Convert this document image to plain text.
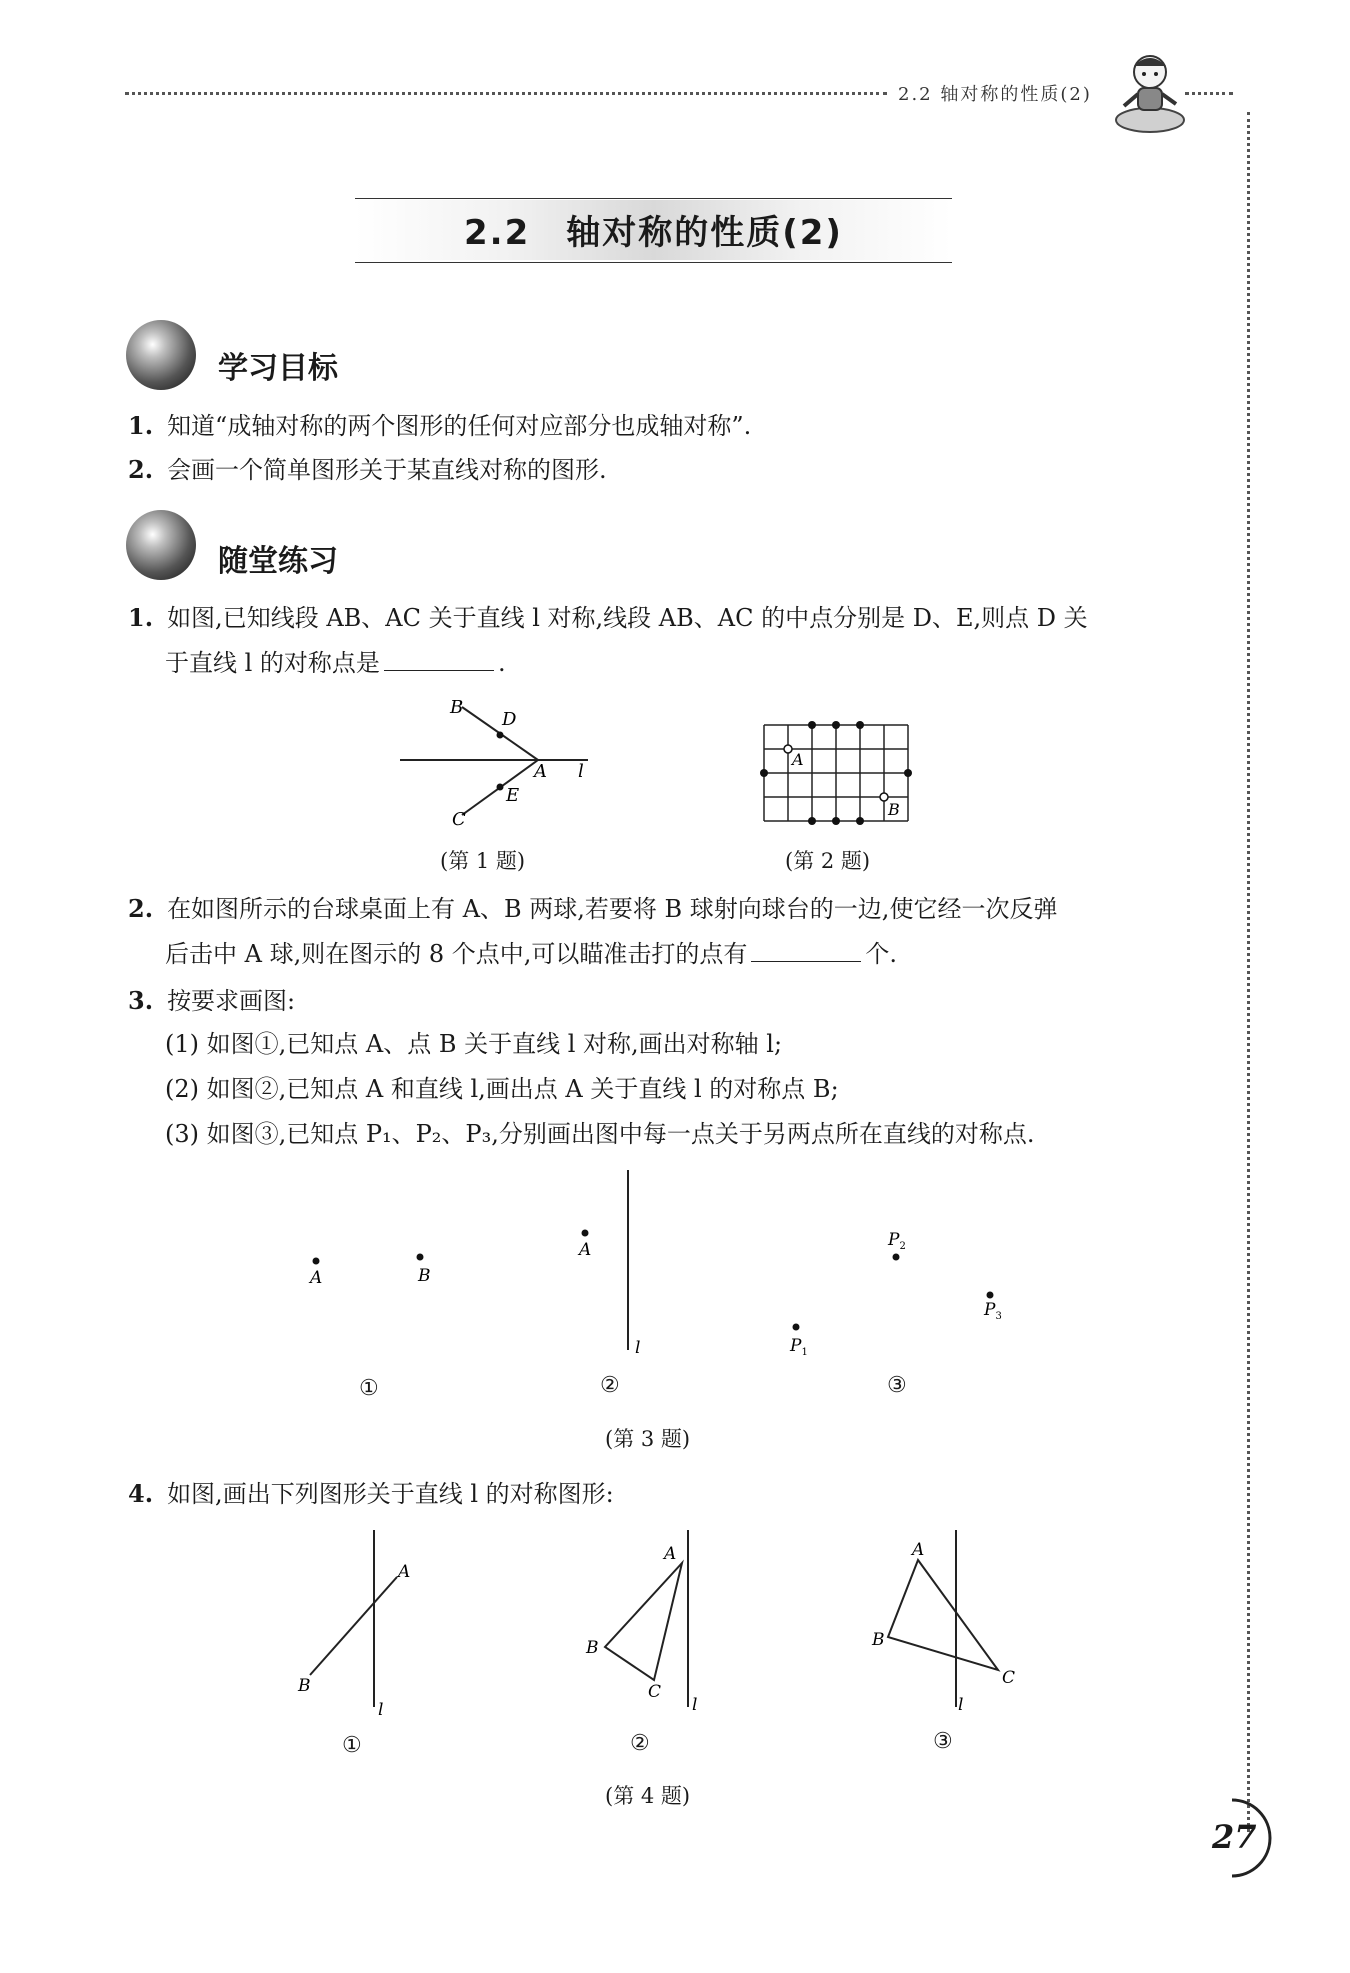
2.2 轴对称的性质(2)
2.2 轴对称的性质(2)
学习目标
1. 知道“成轴对称的两个图形的任何对应部分也成轴对称”.
2. 会画一个简单图形关于某直线对称的图形.
随堂练习
1. 如图,已知线段 AB、AC 关于直线 l 对称,线段 AB、AC 的中点分别是 D、E,则点 D 关
于直线 l 的对称点是	.
B
D
A l
E
C
(第 1 题)
A
B
(第 2 题)
2. 在如图所示的台球桌面上有 A、B 两球,若要将 B 球射向球台的一边,使它经一次反弹
后击中 A 球,则在图示的 8 个点中,可以瞄准击打的点有	个.
3. 按要求画图:
(1) 如图①,已知点 A、点 B 关于直线 l 对称,画出对称轴 l;
(2) 如图②,已知点 A 和直线 l,画出点 A 关于直线 l 的对称点 B;
(3) 如图③,已知点 P₁、P₂、P₃,分别画出图中每一点关于另两点所在直线的对称点.
A	B
A
l	$P_1$
$P_2$
$P_3$
①	②	③
(第 3 题)
4. 如图,画出下列图形关于直线 l 的对称图形:
A
B
l
A
B
C
l
A
B
C
l
①	②	③
(第 4 题)
27
